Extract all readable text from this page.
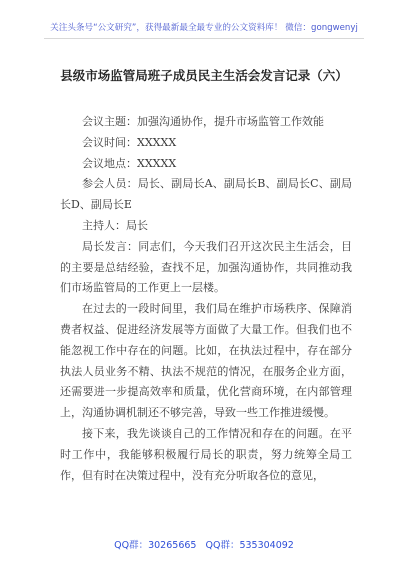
关注头条号“公文研究”，获得最新最全最专业的公文资料库！ 微信：gongwenyj
县级市场监管局班子成员民主生活会发言记录（六）

会议主题：加强沟通协作，提升市场监管工作效能

会议时间：XXXXX

会议地点：XXXXX

参会人员：局长、副局长A、副局长B、副局长C、副局长D、副局长E

主持人：局长

局长发言：同志们，今天我们召开这次民主生活会，目的主要是总结经验，查找不足，加强沟通协作，共同推动我们市场监管局的工作更上一层楼。

在过去的一段时间里，我们局在维护市场秩序、保障消费者权益、促进经济发展等方面做了大量工作。但我们也不能忽视工作中存在的问题。比如，在执法过程中，存在部分执法人员业务不精、执法不规范的情况，在服务企业方面，还需要进一步提高效率和质量，优化营商环境，在内部管理上，沟通协调机制还不够完善，导致一些工作推进缓慢。

接下来，我先谈谈自己的工作情况和存在的问题。在平时工作中，我能够积极履行局长的职责，努力统筹全局工作，但有时在决策过程中，没有充分听取各位的意见，

QQ群：30265665 QQ群：535304092
